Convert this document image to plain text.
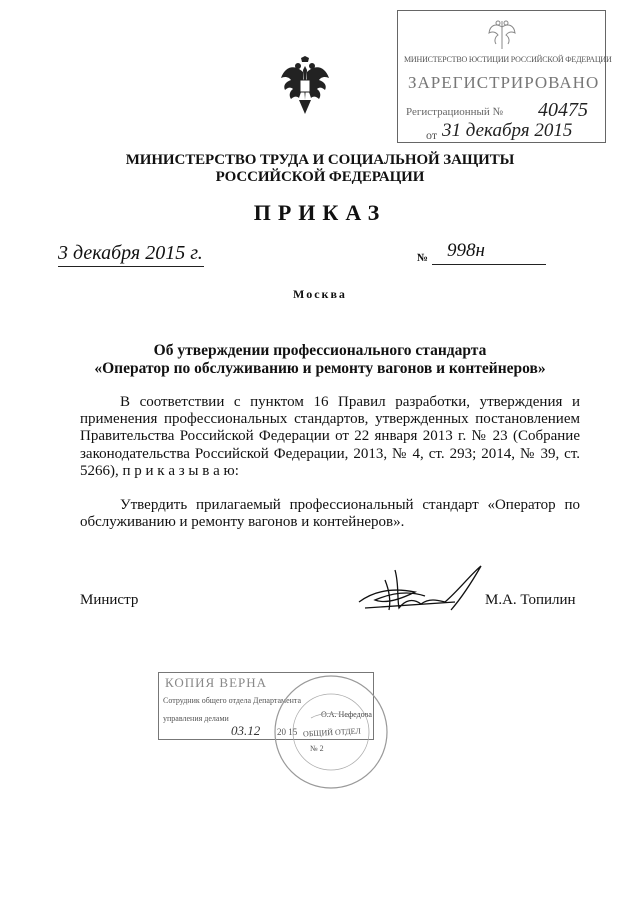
МИНИСТЕРСТВО ЮСТИЦИИ РОССИЙСКОЙ ФЕДЕРАЦИИ
ЗАРЕГИСТРИРОВАНО
Регистрационный № 40475
от 31 декабря 2015
МИНИСТЕРСТВО ТРУДА И СОЦИАЛЬНОЙ ЗАЩИТЫ
РОССИЙСКОЙ ФЕДЕРАЦИИ
ПРИКАЗ
3 декабря 2015 г.	№ 998н
Москва
Об утверждении профессионального стандарта
«Оператор по обслуживанию и ремонту вагонов и контейнеров»
В соответствии с пунктом 16 Правил разработки, утверждения и применения профессиональных стандартов, утвержденных постановлением Правительства Российской Федерации от 22 января 2013 г. № 23 (Собрание законодательства Российской Федерации, 2013, № 4, ст. 293; 2014, № 39, ст. 5266), п р и к а з ы в а ю:
Утвердить прилагаемый профессиональный стандарт «Оператор по обслуживанию и ремонту вагонов и контейнеров».
Министр	М.А. Топилин
КОПИЯ ВЕРНА
Сотрудник общего отдела Департамента
управления делами	О.А. Нефедова
03.12 20 15 ОБЩИЙ ОТДЕЛ
№ 2
